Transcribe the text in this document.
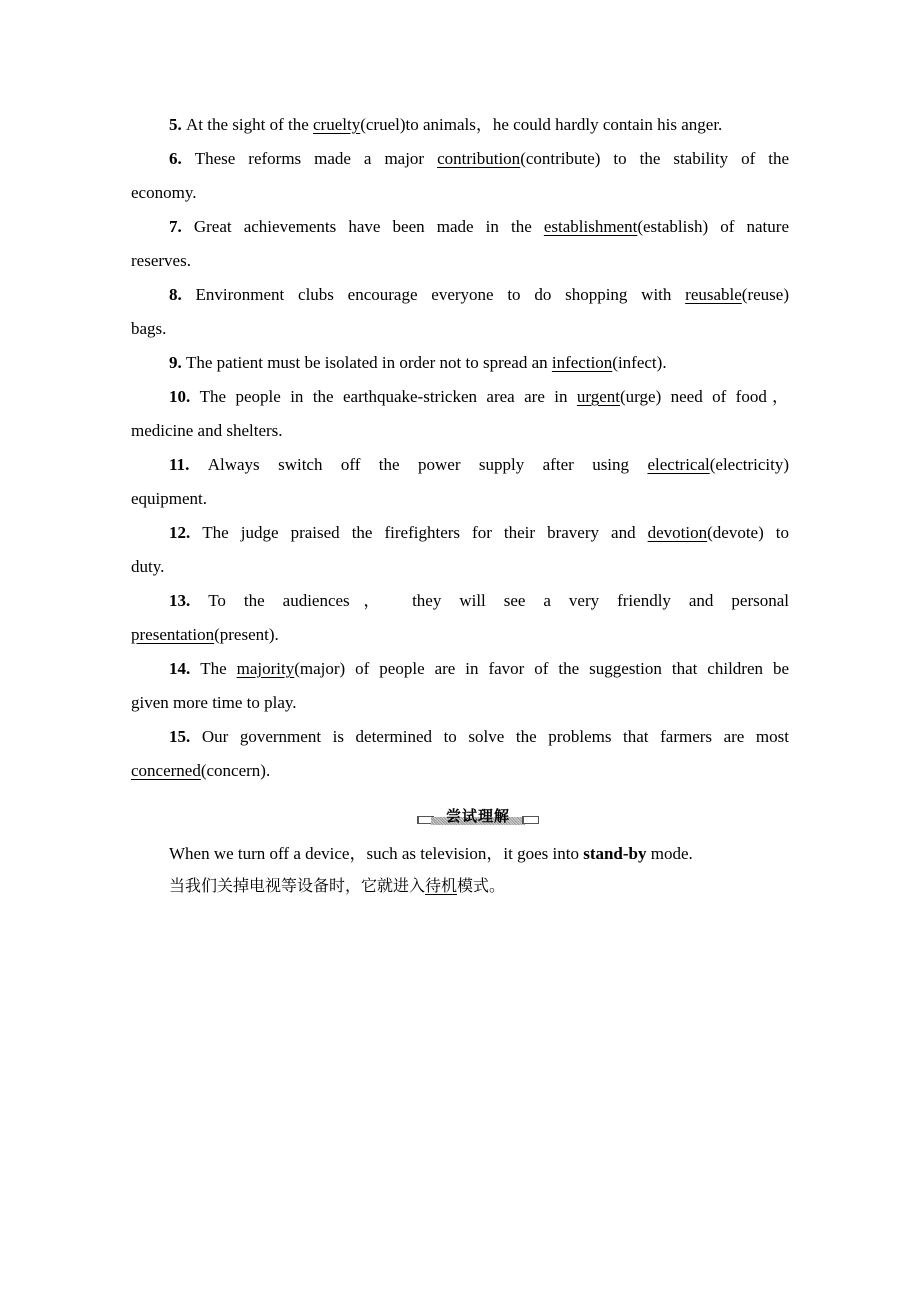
5. At the sight of the cruelty(cruel)to animals，he could hardly contain his anger.

6. These reforms made a major contribution(contribute) to the stability of the
economy.

7. Great achievements have been made in the establishment(establish) of nature
reserves.

8. Environment clubs encourage everyone to do shopping with reusable(reuse)
bags.

9. The patient must be isolated in order not to spread an infection(infect).

10. The people in the earthquake-stricken area are in urgent(urge) need of food，
medicine and shelters.

11. Always switch off the power supply after using electrical(electricity)
equipment.

12. The judge praised the firefighters for their bravery and devotion(devote) to
duty.

13. To the audiences， they will see a very friendly and personal
presentation(present).

14. The majority(major) of people are in favor of the suggestion that children be
given more time to play.

15. Our government is determined to solve the problems that farmers are most
concerned(concern).

尝试理解
When we turn off a device，such as television，it goes into stand-by mode.
当我们关掉电视等设备时，它就进入待机模式。
